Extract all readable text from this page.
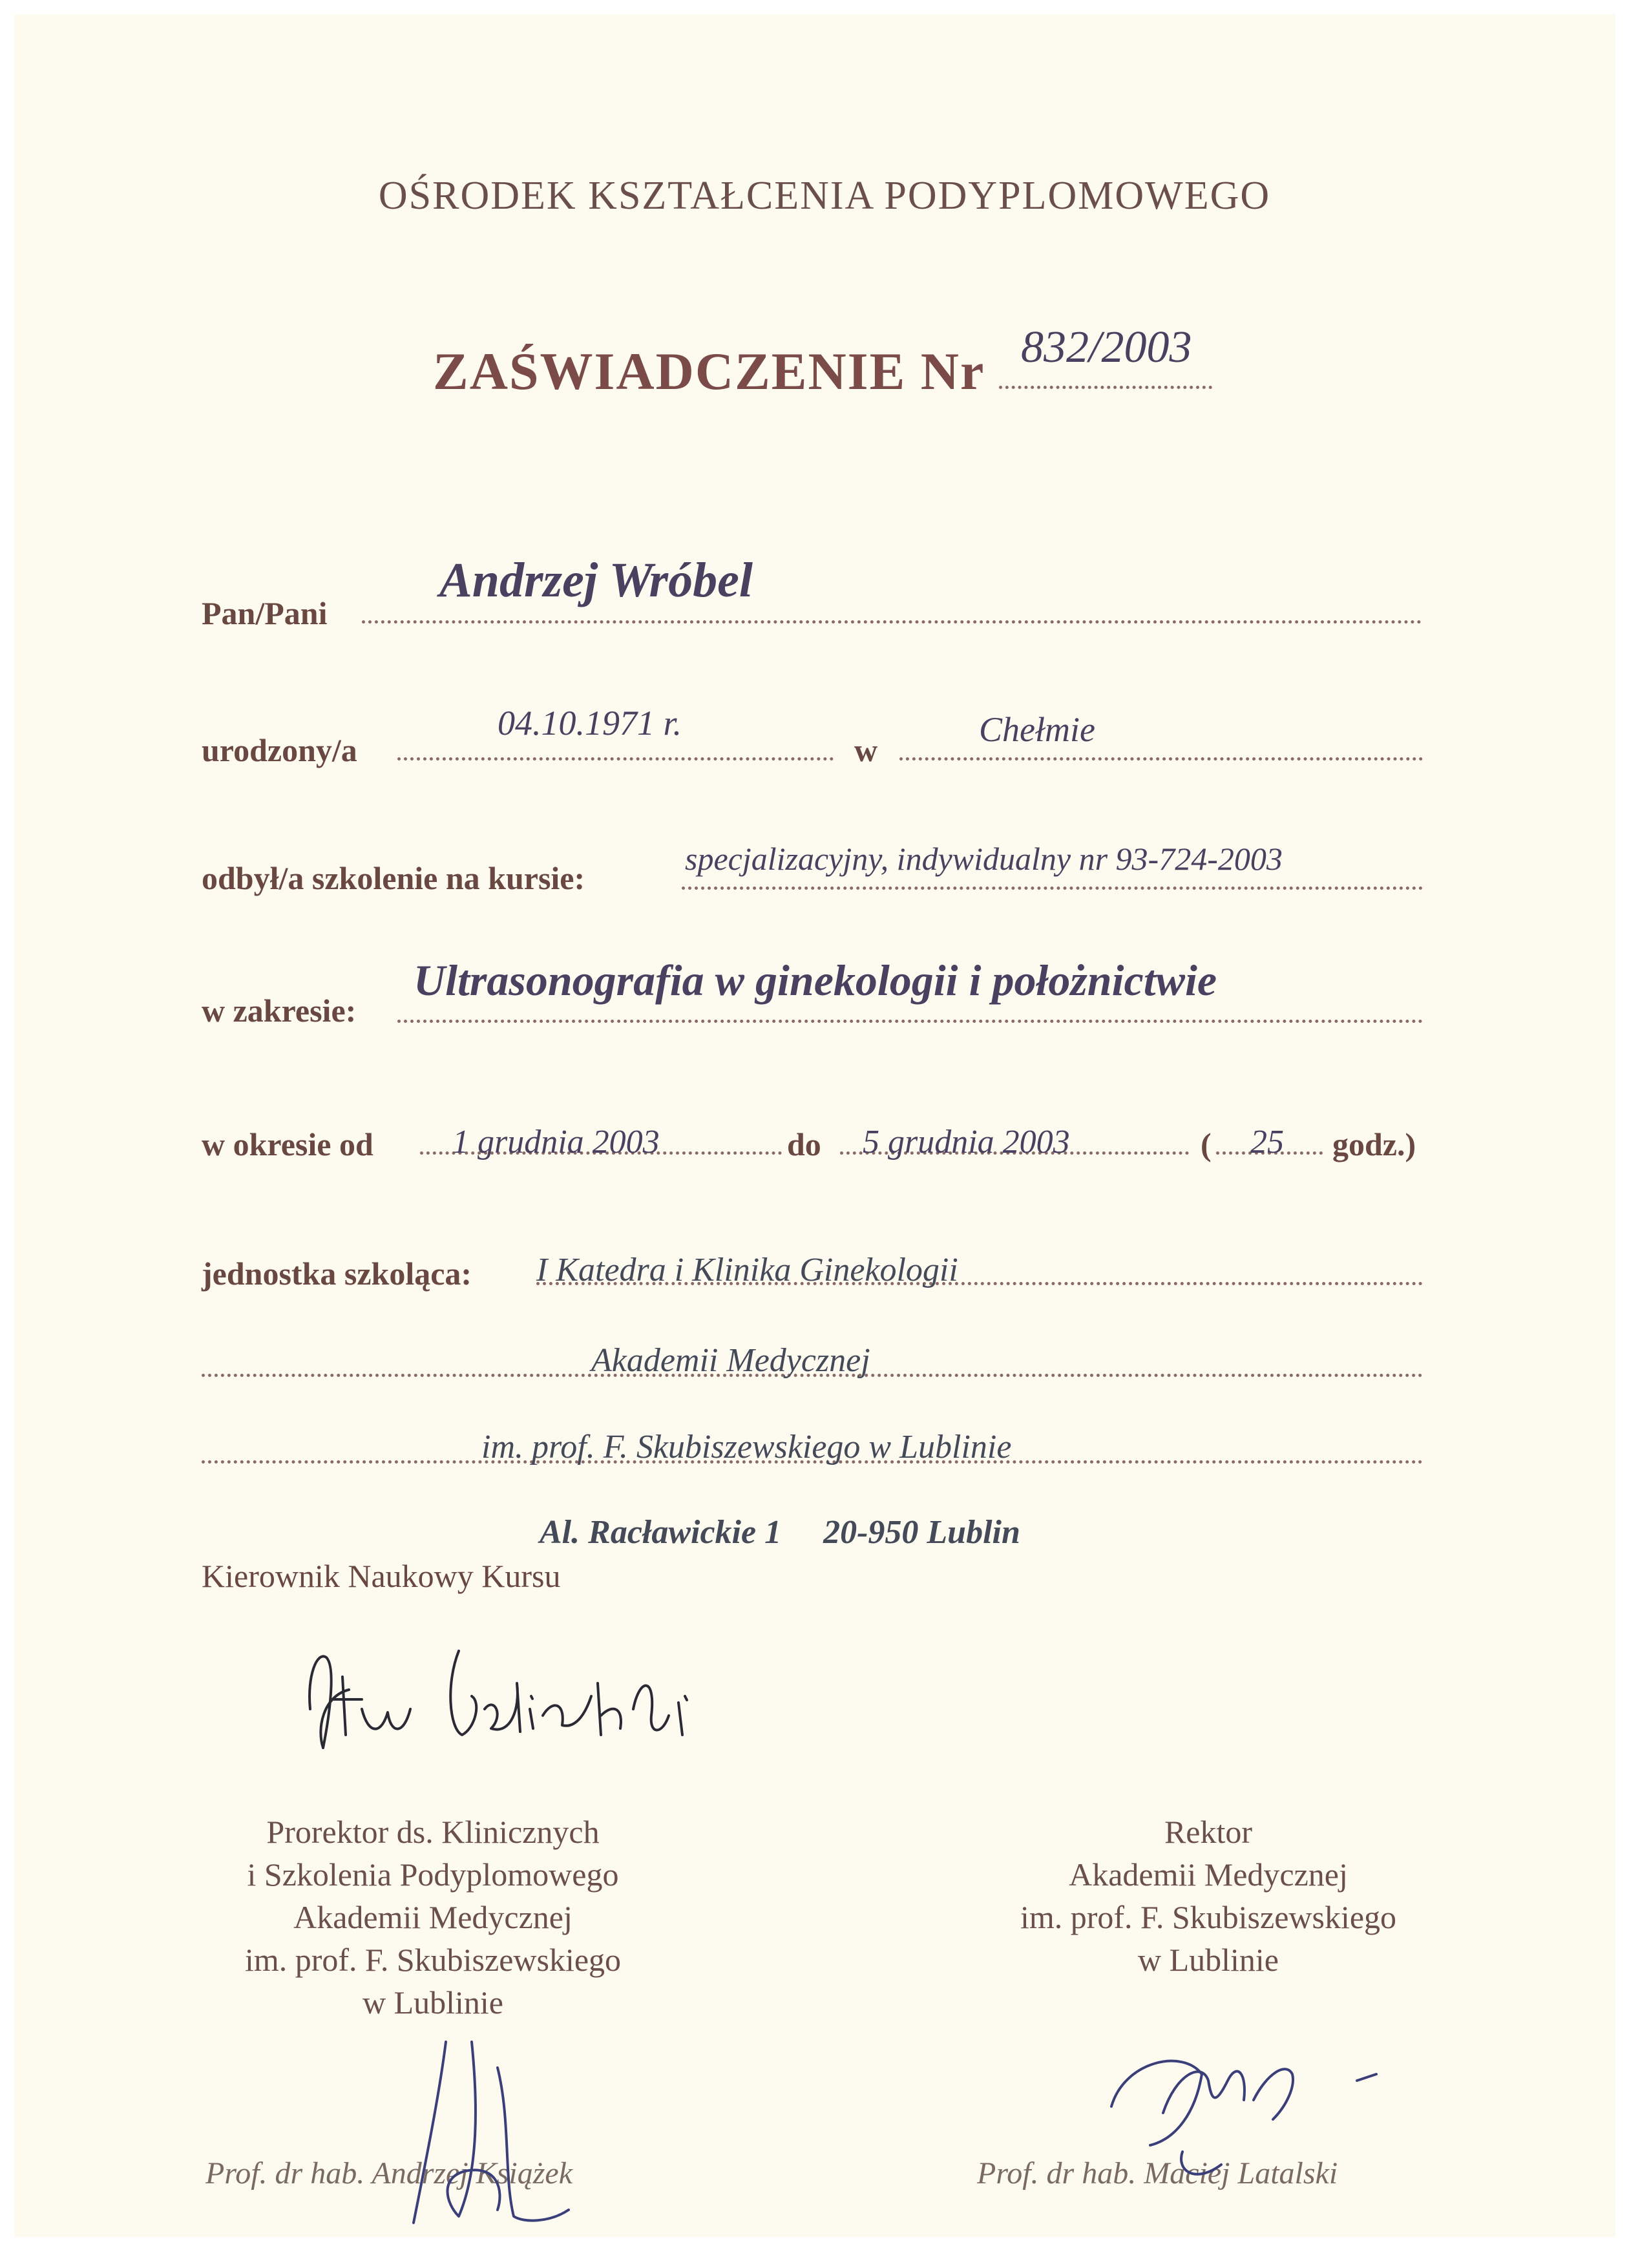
OŚRODEK KSZTAŁCENIA PODYPLOMOWEGO
ZAŚWIADCZENIE Nr 832/2003
Pan/Pani
Andrzej Wróbel
urodzony/a
04.10.1971 r.
w
Chełmie
odbył/a szkolenie na kursie:
specjalizacyjny, indywidualny nr 93-724-2003
w zakresie:
Ultrasonografia w ginekologii i położnictwie
w okresie od 1 grudnia 2003	do 5 grudnia 2003	( 25 godz.)
jednostka szkoląca: I Katedra i Klinika Ginekologii
Akademii Medycznej
im. prof. F. Skubiszewskiego w Lublinie
Al. Racławickie 1     20-950 Lublin
Kierownik Naukowy Kursu
Prorektor ds. Klinicznych
i Szkolenia Podyplomowego
Akademii Medycznej
im. prof. F. Skubiszewskiego
w Lublinie
Prof. dr hab. Andrzej Książek
Rektor
Akademii Medycznej
im. prof. F. Skubiszewskiego
w Lublinie
Prof. dr hab. Maciej Latalski
